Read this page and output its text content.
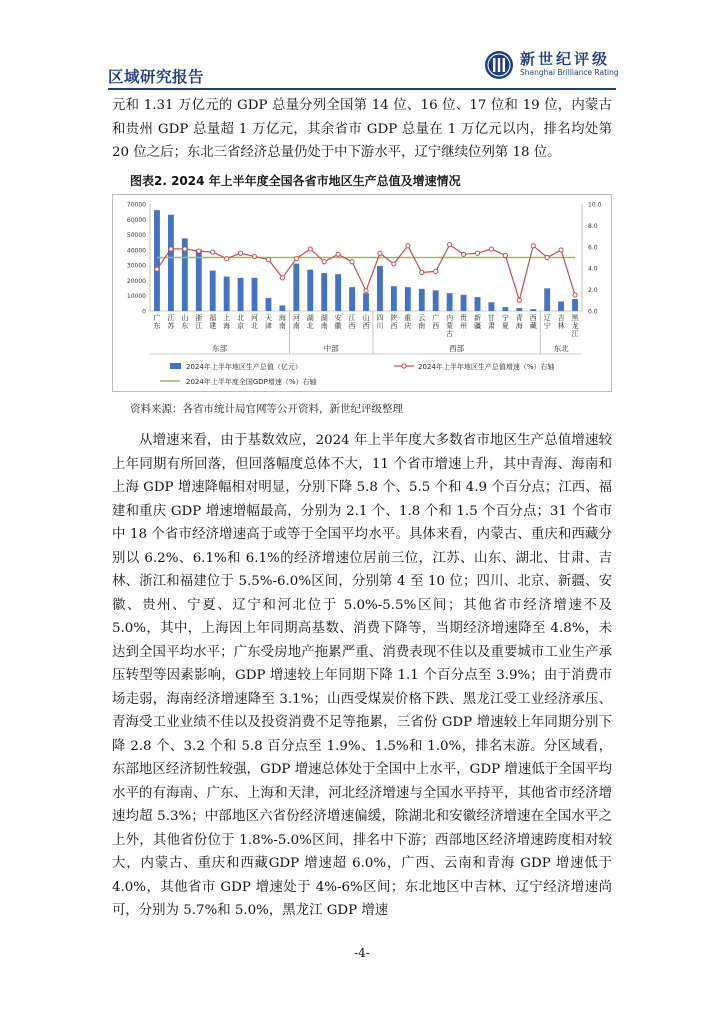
区域研究报告
新世纪评级
Shanghai Brilliance Rating

元和 1.31 万亿元的 GDP 总量分列全国第 14 位、16 位、17 位和 19 位，内蒙古和贵州 GDP 总量超 1 万亿元，其余省市 GDP 总量在 1 万亿元以内，排名均处第 20 位之后；东北三省经济总量仍处于中下游水平，辽宁继续位列第 18 位。

图表2. 2024 年上半年度全国各省市地区生产总值及增速情况
0
10000
20000
30000
40000
50000
60000
70000
0.0
2.0
4.0
6.0
8.0
10.0
广东
江苏
山东
浙江
福建
上海
北京
河北
天津
海南
河南
湖北
湖南
安徽
江西
山西
四川
陕西
重庆
云南
广西
内蒙古
贵州
新疆
甘肃
宁夏
青海
西藏
辽宁
吉林
黑龙江
东部	中部	西部	东北
2024年上半年地区生产总值（亿元）	2024年上半年地区生产总值增速（%）右轴
2024年上半年度全国GDP增速（%）右轴
资料来源：各省市统计局官网等公开资料，新世纪评级整理

从增速来看，由于基数效应，2024 年上半年度大多数省市地区生产总值增速较上年同期有所回落，但回落幅度总体不大，11 个省市增速上升，其中青海、海南和上海 GDP 增速降幅相对明显，分别下降 5.8 个、5.5 个和 4.9 个百分点；江西、福建和重庆 GDP 增速增幅最高，分别为 2.1 个、1.8 个和 1.5 个百分点；31 个省市中 18 个省市经济增速高于或等于全国平均水平。具体来看，内蒙古、重庆和西藏分别以 6.2%、6.1%和 6.1%的经济增速位居前三位，江苏、山东、湖北、甘肃、吉林、浙江和福建位于 5.5%-6.0%区间，分别第 4 至 10 位；四川、北京、新疆、安徽、贵州、宁夏、辽宁和河北位于 5.0%-5.5%区间；其他省市经济增速不及 5.0%，其中，上海因上年同期高基数、消费下降等，当期经济增速降至 4.8%，未达到全国平均水平；广东受房地产拖累严重、消费表现不佳以及重要城市工业生产承压转型等因素影响，GDP 增速较上年同期下降 1.1 个百分点至 3.9%；由于消费市场走弱，海南经济增速降至 3.1%；山西受煤炭价格下跌、黑龙江受工业经济承压、青海受工业业绩不佳以及投资消费不足等拖累，三省份 GDP 增速较上年同期分别下降 2.8 个、3.2 个和 5.8 百分点至 1.9%、1.5%和 1.0%，排名末游。分区域看，东部地区经济韧性较强，GDP 增速总体处于全国中上水平，GDP 增速低于全国平均水平的有海南、广东、上海和天津，河北经济增速与全国水平持平，其他省市经济增速均超 5.3%；中部地区六省份经济增速偏缓，除湖北和安徽经济增速在全国水平之上外，其他省份位于 1.8%-5.0%区间，排名中下游；西部地区经济增速跨度相对较大，内蒙古、重庆和西藏GDP 增速超 6.0%，广西、云南和青海 GDP 增速低于 4.0%，其他省市 GDP 增速处于 4%-6%区间；东北地区中吉林、辽宁经济增速尚可，分别为 5.7%和 5.0%，黑龙江 GDP 增速

-4-
